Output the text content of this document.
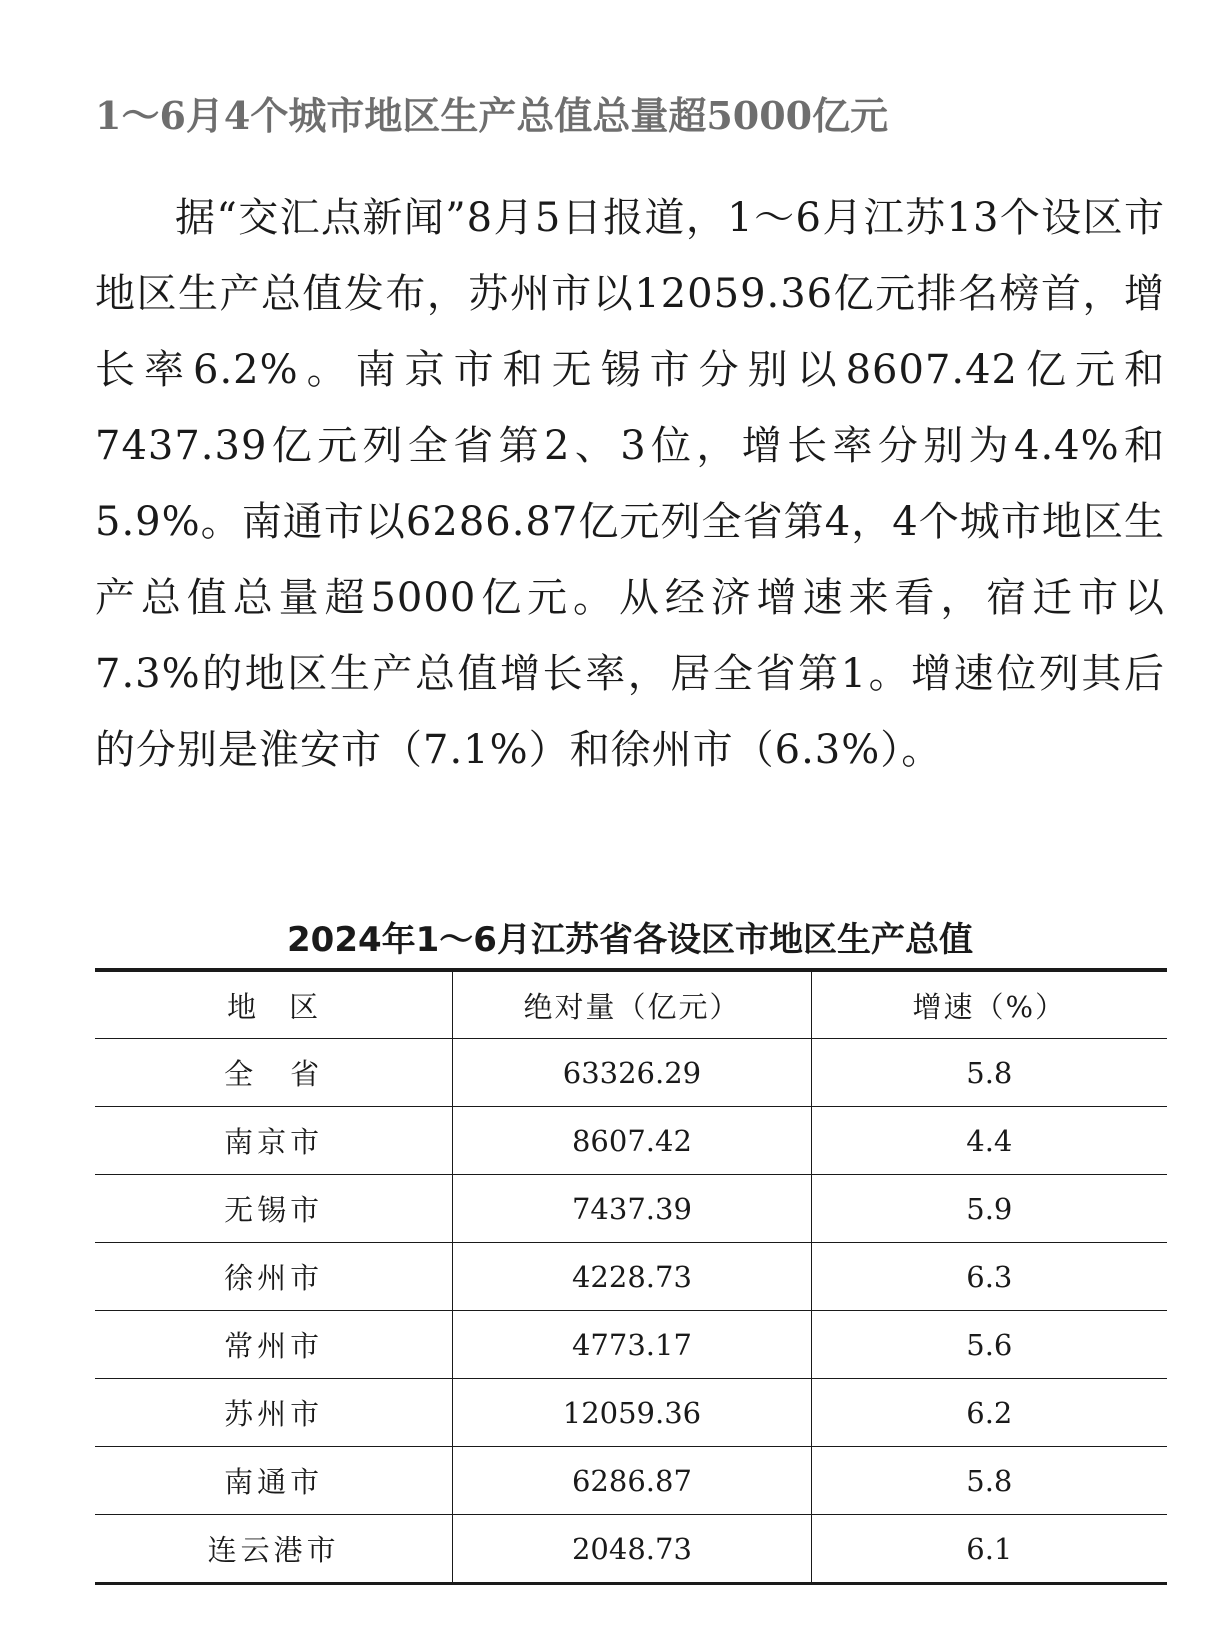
1～6月4个城市地区生产总值总量超5000亿元

据“交汇点新闻”8月5日报道，1～6月江苏13个设区市地区生产总值发布，苏州市以12059.36亿元排名榜首，增长率6.2%。南京市和无锡市分别以8607.42亿元和7437.39亿元列全省第2、3位，增长率分别为4.4%和5.9%。南通市以6286.87亿元列全省第4，4个城市地区生产总值总量超5000亿元。从经济增速来看，宿迁市以7.3%的地区生产总值增长率，居全省第1。增速位列其后的分别是淮安市（7.1%）和徐州市（6.3%）。

2024年1～6月江苏省各设区市地区生产总值
地　区	绝对量（亿元）	增速（%）
全　省	63326.29	5.8
南京市	8607.42	4.4
无锡市	7437.39	5.9
徐州市	4228.73	6.3
常州市	4773.17	5.6
苏州市	12059.36	6.2
南通市	6286.87	5.8
连云港市	2048.73	6.1
